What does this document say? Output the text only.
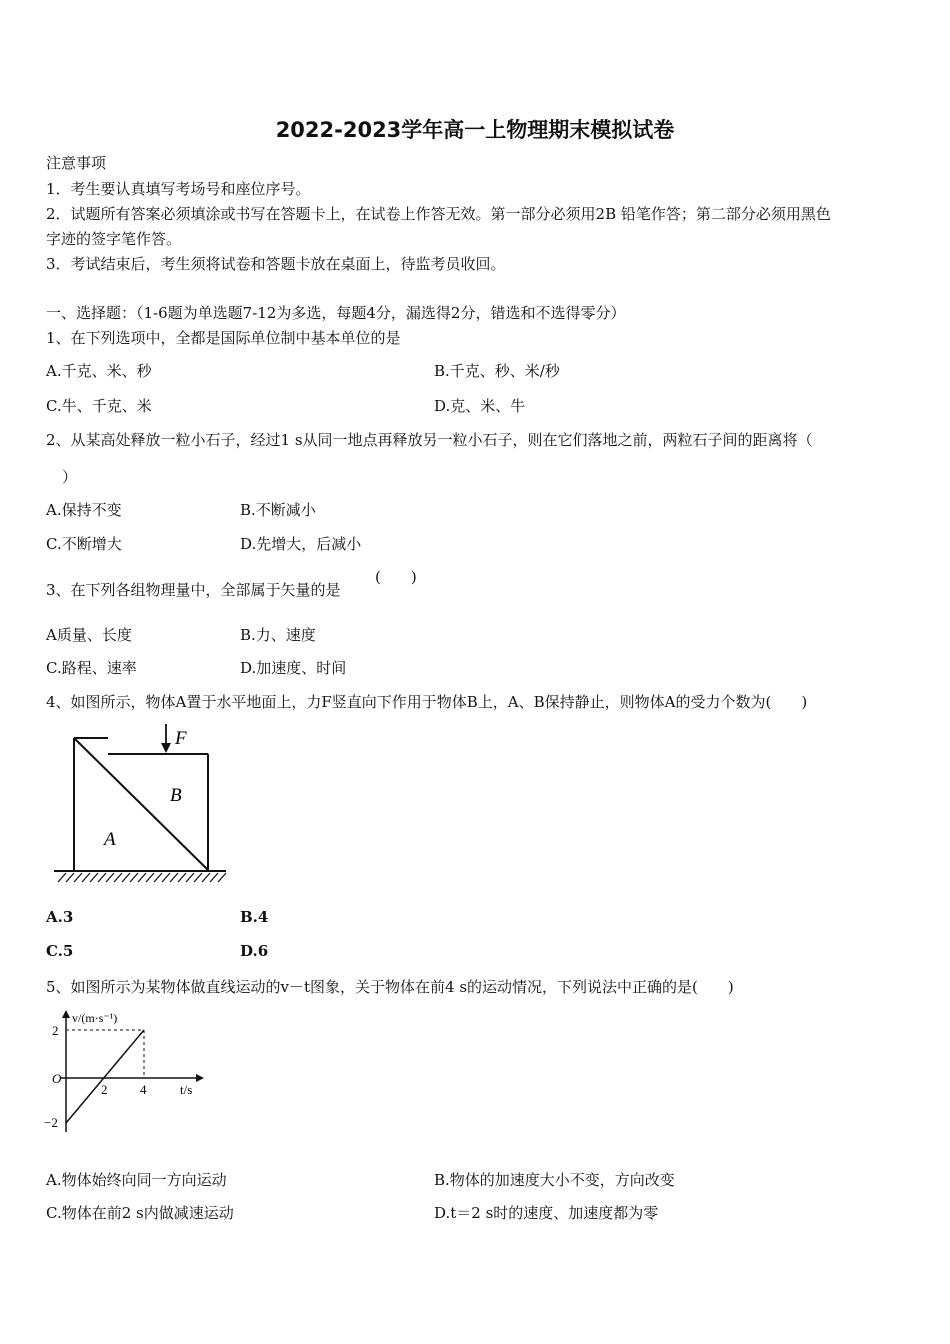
2022-2023学年高一上物理期末模拟试卷
注意事项
1．考生要认真填写考场号和座位序号。
2．试题所有答案必须填涂或书写在答题卡上，在试卷上作答无效。第一部分必须用2B 铅笔作答；第二部分必须用黑色
字迹的签字笔作答。
3．考试结束后，考生须将试卷和答题卡放在桌面上，待监考员收回。
一、选择题：（1-6题为单选题7-12为多选，每题4分，漏选得2分，错选和不选得零分）
1、在下列选项中，全都是国际单位制中基本单位的是
A.千克、米、秒	B.千克、秒、米/秒
C.牛、千克、米	D.克、米、牛
2、从某高处释放一粒小石子，经过1 s从同一地点再释放另一粒小石子，则在它们落地之前，两粒石子间的距离将（
）
A.保持不变	B.不断减小
C.不断增大	D.先增大，后减小
3、在下列各组物理量中，全部属于矢量的是
(　　)
A质量、长度	B.力、速度
C.路程、速率	D.加速度、时间
4、如图所示，物体A置于水平地面上，力F竖直向下作用于物体B上，A、B保持静止，则物体A的受力个数为(　　)
F
B
A
A.3	B.4
C.5	D.6
5、如图所示为某物体做直线运动的v－t图象，关于物体在前4 s的运动情况，下列说法中正确的是(　　)
v/(m·s⁻¹)
2
O
−2
2	4	t/s
A.物体始终向同一方向运动	B.物体的加速度大小不变，方向改变
C.物体在前2 s内做减速运动	D.t＝2 s时的速度、加速度都为零
